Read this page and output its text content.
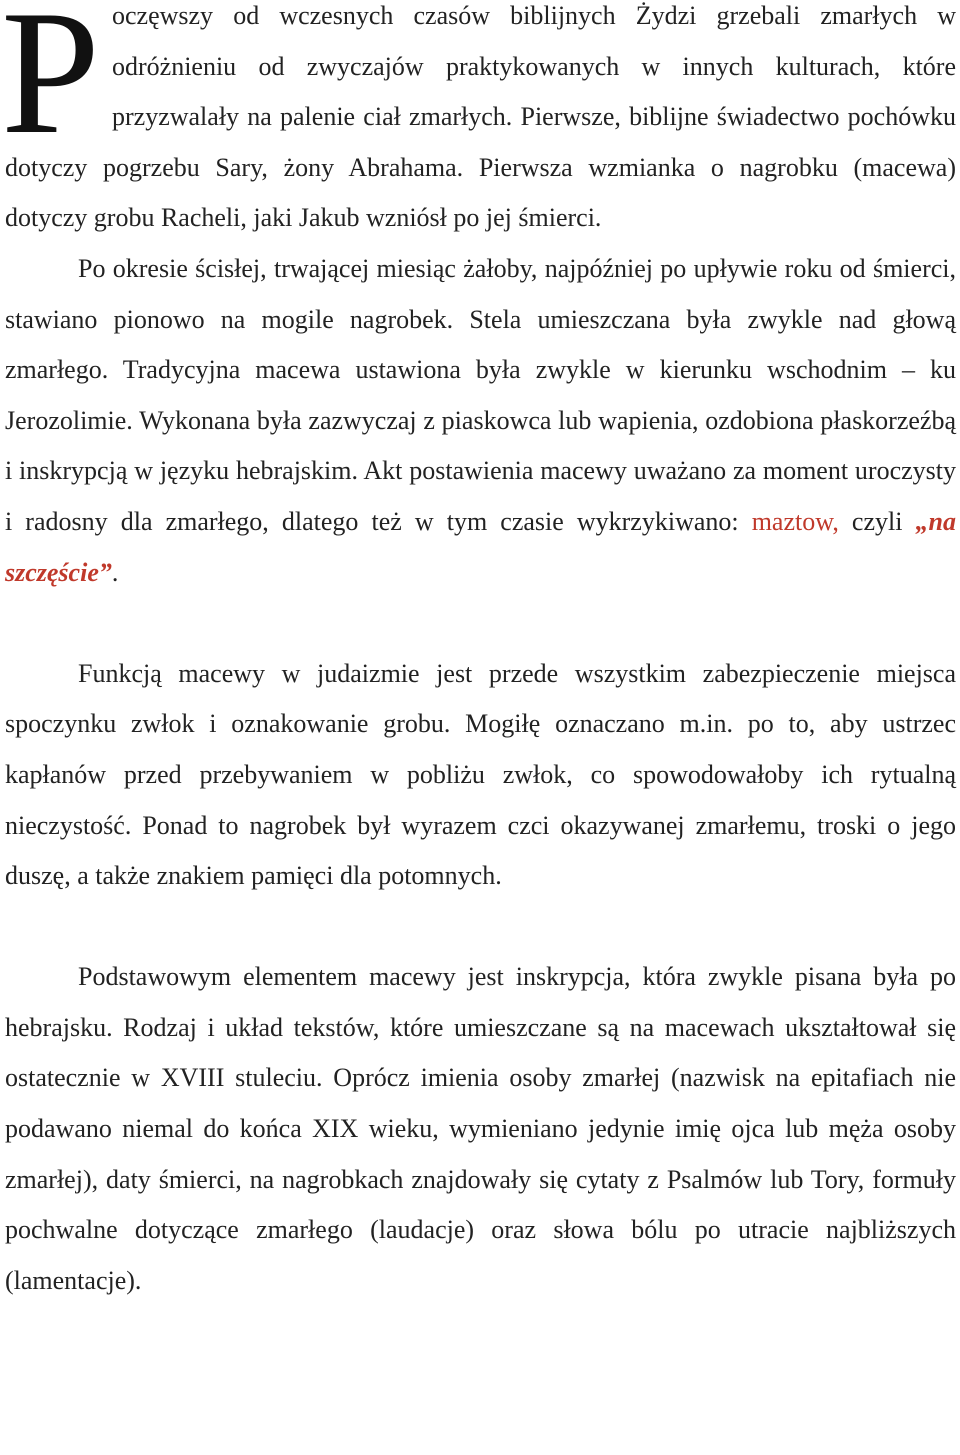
Poczęwszy od wczesnych czasów biblijnych Żydzi grzebali zmarłych w odróżnieniu od zwyczajów praktykowanych w innych kulturach, które przyzwalały na palenie ciał zmarłych. Pierwsze, biblijne świadectwo pochówku dotyczy pogrzebu Sary, żony Abrahama. Pierwsza wzmianka o nagrobku (macewa) dotyczy grobu Racheli, jaki Jakub wzniósł po jej śmierci.

Po okresie ścisłej, trwającej miesiąc żałoby, najpóźniej po upływie roku od śmierci, stawiano pionowo na mogile nagrobek. Stela umieszczana była zwykle nad głową zmarłego. Tradycyjna macewa ustawiona była zwykle w kierunku wschodnim – ku Jerozolimie. Wykonana była zazwyczaj z piaskowca lub wapienia, ozdobiona płaskorzeźbą i inskrypcją w języku hebrajskim. Akt postawienia macewy uważano za moment uroczysty i radosny dla zmarłego, dlatego też w tym czasie wykrzykiwano: maztow, czyli „na szczęście”.

Funkcją macewy w judaizmie jest przede wszystkim zabezpieczenie miejsca spoczynku zwłok i oznakowanie grobu. Mogiłę oznaczano m.in. po to, aby ustrzec kapłanów przed przebywaniem w pobliżu zwłok, co spowodowałoby ich rytualną nieczystość. Ponad to nagrobek był wyrazem czci okazywanej zmarłemu, troski o jego duszę, a także znakiem pamięci dla potomnych.

Podstawowym elementem macewy jest inskrypcja, która zwykle pisana była po hebrajsku. Rodzaj i układ tekstów, które umieszczane są na macewach ukształtował się ostatecznie w XVIII stuleciu. Oprócz imienia osoby zmarłej (nazwisk na epitafiach nie podawano niemal do końca XIX wieku, wymieniano jedynie imię ojca lub męża osoby zmarłej), daty śmierci, na nagrobkach znajdowały się cytaty z Psalmów lub Tory, formuły pochwalne dotyczące zmarłego (laudacje) oraz słowa bólu po utracie najbliższych (lamentacje).
